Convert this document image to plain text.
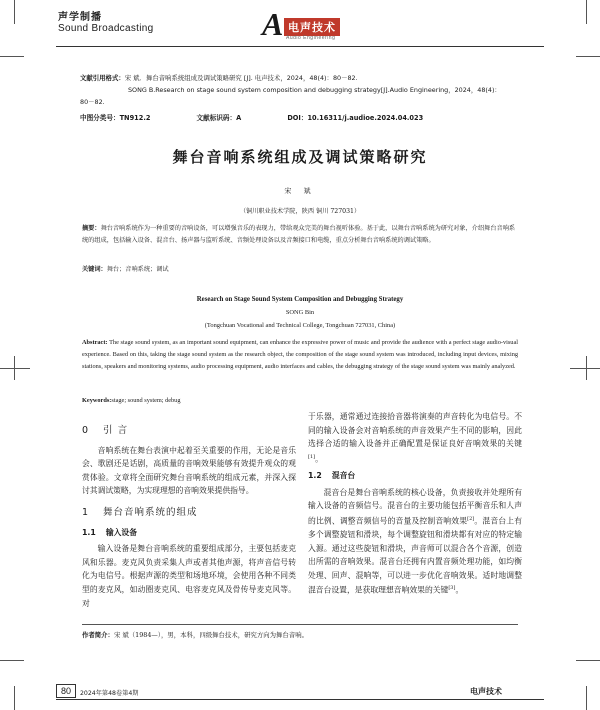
声学制播
Sound Broadcasting	A 电声技术
Audio Engineering
文献引用格式：宋 斌．舞台音响系统组成及调试策略研究 [J]. 电声技术，2024，48(4)：80－82.
SONG B.Research on stage sound system composition and debugging strategy[J].Audio Engineering，2024，48(4)：
80－82.
中图分类号：TN912.2	文献标识码：A	DOI：10.16311/j.audioe.2024.04.023
舞台音响系统组成及调试策略研究
宋 斌
（铜川职业技术学院，陕西 铜川 727031）
摘要：舞台音响系统作为一种重要的音响设备，可以增强音乐的表现力，带给观众完美的舞台视听体验。基于此，以舞台音响系统为研究对象，介绍舞台音响系统的组成，包括输入设备、混音台、扬声器与监听系统、音频处理设备以及音频接口和电缆，重点分析舞台音响系统的调试策略。
关键词：舞台；音响系统；调试
Research on Stage Sound System Composition and Debugging Strategy
SONG Bin
(Tongchuan Vocational and Technical College, Tongchuan 727031, China)
Abstract: The stage sound system, as an important sound equipment, can enhance the expressive power of music and provide the audience with a perfect stage audio-visual experience. Based on this, taking the stage sound system as the research object, the composition of the stage sound system was introduced, including input devices, mixing stations, speakers and monitoring systems, audio processing equipment, audio interfaces and cables, the debugging strategy of the stage sound system was mainly analyzed.
Keywords:stage; sound system; debug
0 引 言

音响系统在舞台表演中起着至关重要的作用，无论是音乐会、歌剧还是话剧，高质量的音响效果能够有效提升观众的观赏体验。文章将全面研究舞台音响系统的组成元素，并深入探讨其调试策略，为实现理想的音响效果提供指导。

1 舞台音响系统的组成
1.1 输入设备

输入设备是舞台音响系统的重要组成部分，主要包括麦克风和乐器。麦克风负责采集人声或者其他声源，将声音信号转化为电信号。根据声源的类型和场地环境，会使用各种不同类型的麦克风，如动圈麦克风、电容麦克风及骨传导麦克风等。对

于乐器，通常通过连接拾音器将演奏的声音转化为电信号。不同的输入设备会对音响系统的声音效果产生不同的影响，因此选择合适的输入设备并正确配置是保证良好音响效果的关键[1]。

1.2 混音台

混音台是舞台音响系统的核心设备，负责接收并处理所有输入设备的音频信号。混音台的主要功能包括平衡音乐和人声的比例、调整音频信号的音量及控制音响效果[2]。混音台上有多个调整旋钮和滑块，每个调整旋钮和滑块都有对应的特定输入源。通过这些旋钮和滑块，声音师可以混合各个音源，创造出所需的音响效果。混音台还拥有内置音频处理功能，如均衡处理、回声、混响等，可以进一步优化音响效果。适时地调整混音台设置，是获取理想音响效果的关键[3]。

作者简介：宋 斌（1984—），男，本科，四级舞台技术，研究方向为舞台音响。
80	2024年第48卷第4期	电声技术
